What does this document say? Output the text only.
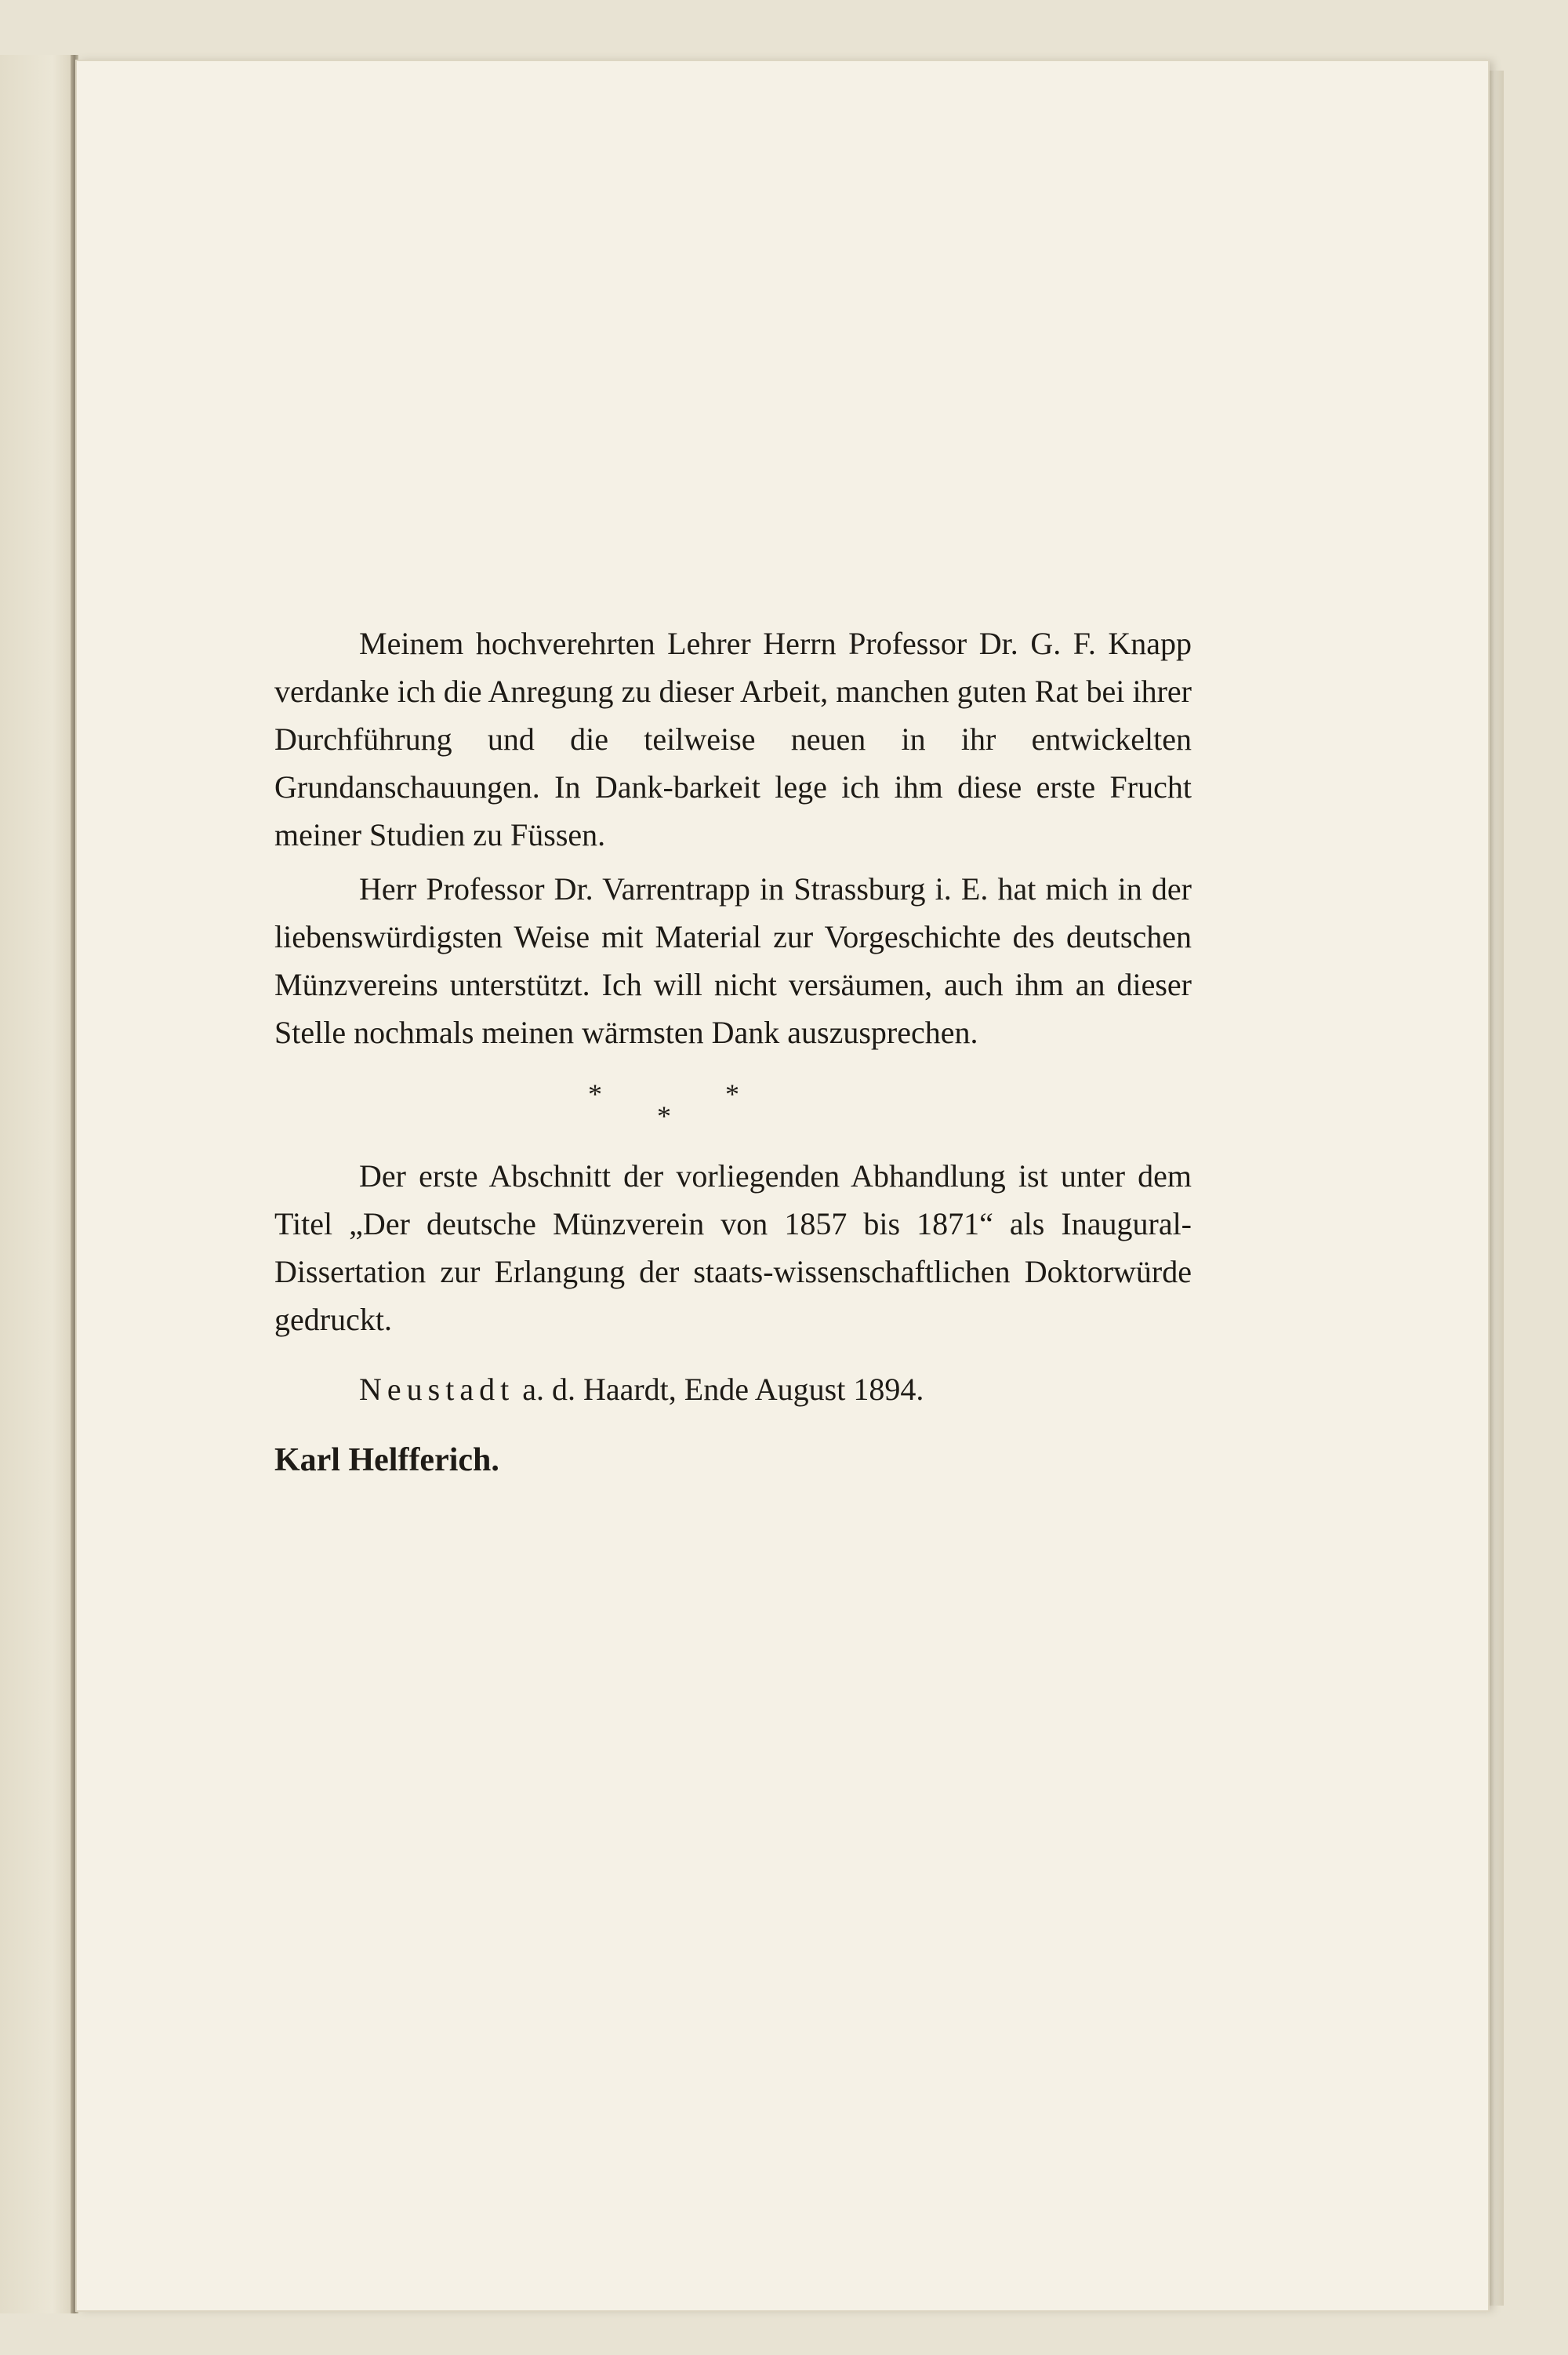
Meinem hochverehrten Lehrer Herrn Professor Dr. G. F. Knapp verdanke ich die Anregung zu dieser Arbeit, manchen guten Rat bei ihrer Durchführung und die teilweise neuen in ihr entwickelten Grundanschauungen. In Dank-barkeit lege ich ihm diese erste Frucht meiner Studien zu Füssen.

Herr Professor Dr. Varrentrapp in Strassburg i. E. hat mich in der liebenswürdigsten Weise mit Material zur Vorgeschichte des deutschen Münzvereins unterstützt. Ich will nicht versäumen, auch ihm an dieser Stelle nochmals meinen wärmsten Dank auszusprechen.

*	*
*

Der erste Abschnitt der vorliegenden Abhandlung ist unter dem Titel „Der deutsche Münzverein von 1857 bis 1871“ als Inaugural-Dissertation zur Erlangung der staats-wissenschaftlichen Doktorwürde gedruckt.

Neustadt a. d. Haardt, Ende August 1894.

Karl Helfferich.
